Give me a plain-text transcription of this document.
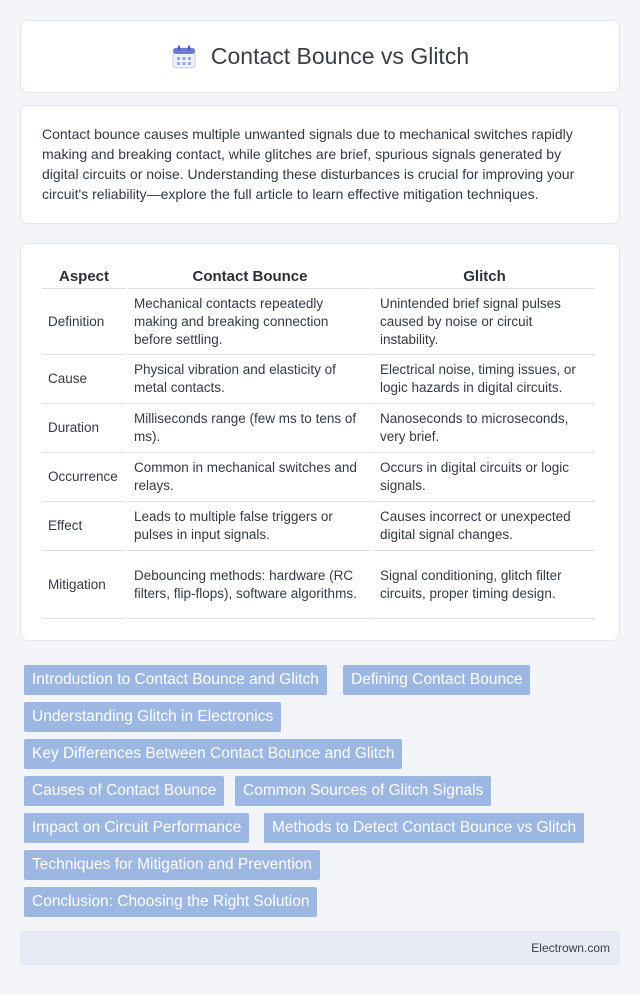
Contact Bounce vs Glitch

Contact bounce causes multiple unwanted signals due to mechanical switches rapidly making and breaking contact, while glitches are brief, spurious signals generated by digital circuits or noise. Understanding these disturbances is crucial for improving your circuit's reliability—explore the full article to learn effective mitigation techniques.

Aspect	Contact Bounce	Glitch
Definition	Mechanical contacts repeatedly making and breaking connection before settling.	Unintended brief signal pulses caused by noise or circuit instability.
Cause	Physical vibration and elasticity of metal contacts.	Electrical noise, timing issues, or logic hazards in digital circuits.
Duration	Milliseconds range (few ms to tens of ms).	Nanoseconds to microseconds, very brief.
Occurrence	Common in mechanical switches and relays.	Occurs in digital circuits or logic signals.
Effect	Leads to multiple false triggers or pulses in input signals.	Causes incorrect or unexpected digital signal changes.
Mitigation	Debouncing methods: hardware (RC filters, flip-flops), software algorithms.	Signal conditioning, glitch filter circuits, proper timing design.
Introduction to Contact Bounce and Glitch	Defining Contact Bounce
Understanding Glitch in Electronics
Key Differences Between Contact Bounce and Glitch
Causes of Contact Bounce	Common Sources of Glitch Signals
Impact on Circuit Performance	Methods to Detect Contact Bounce vs Glitch
Techniques for Mitigation and Prevention
Conclusion: Choosing the Right Solution
Electrown.com
